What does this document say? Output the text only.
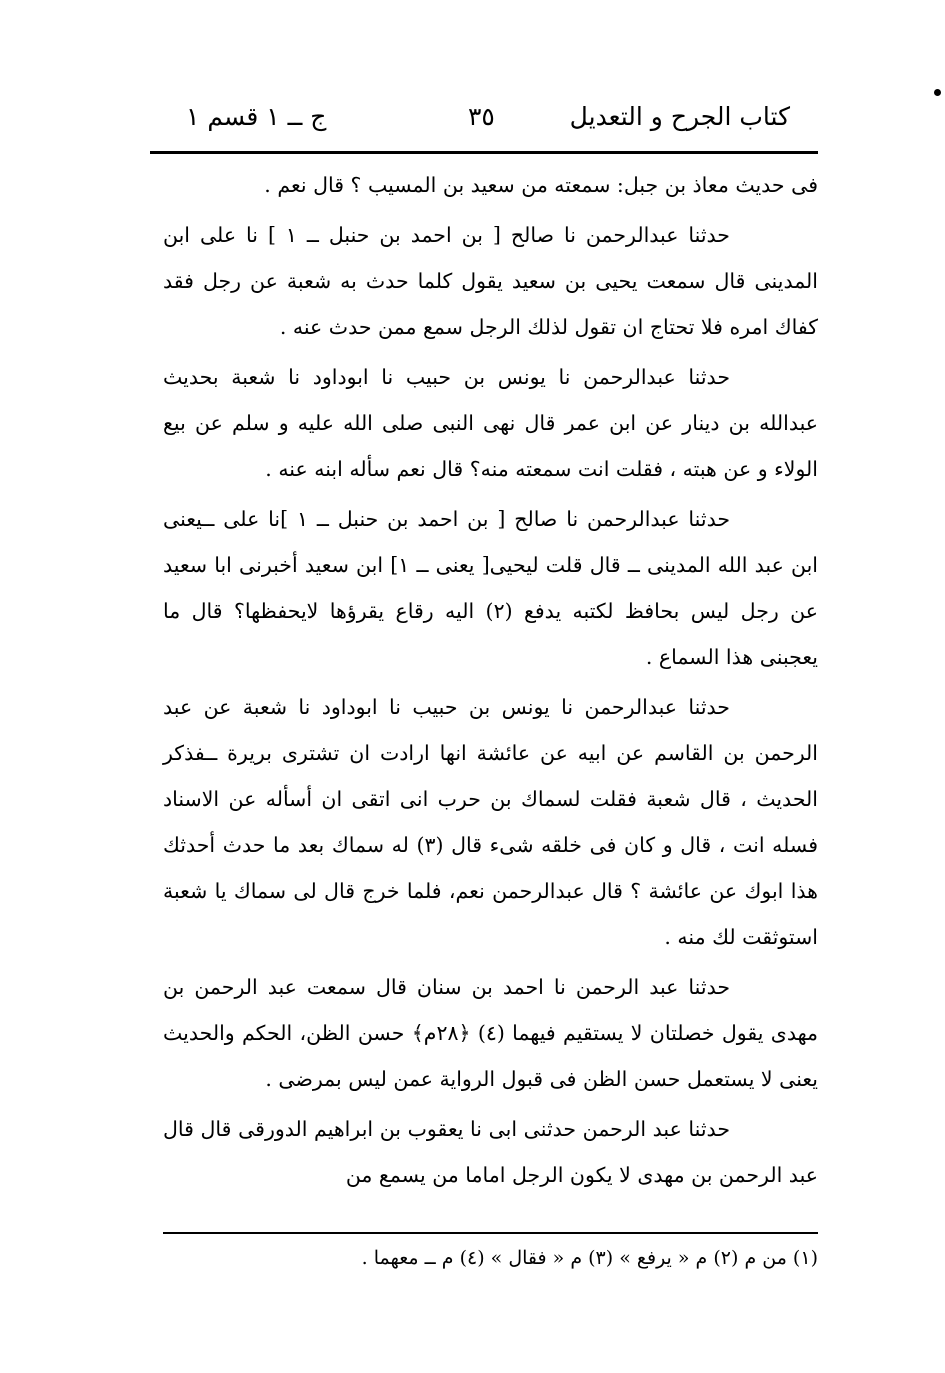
كتاب الجرح و التعديل
٣٥
ج ــ ١ قسم ١

فى حديث معاذ بن جبل: سمعته من سعيد بن المسيب ؟ قال نعم .

حدثنا عبدالرحمن نا صالح [ بن احمد بن حنبل ــ ١ ] نا على ابن المدينى قال سمعت يحيى بن سعيد يقول كلما حدث به شعبة عن رجل فقد كفاك امره فلا تحتاج ان تقول لذلك الرجل سمع ممن حدث عنه .

حدثنا عبدالرحمن نا يونس بن حبيب نا ابوداود نا شعبة بحديث عبدالله بن دينار عن ابن عمر قال نهى النبى صلى الله عليه و سلم عن بيع الولاء و عن هبته ، فقلت انت سمعته منه؟ قال نعم سأله ابنه عنه .

حدثنا عبدالرحمن نا صالح [ بن احمد بن حنبل ــ ١ ]نا على ــيعنى ابن عبد الله المدينى ــ قال قلت ليحيى[ يعنى ــ ١] ابن سعيد أخبرنى ابا سعيد عن رجل ليس بحافظ لكتبه يدفع (٢) اليه رقاع يقرؤها لايحفظها؟ قال ما يعجبنى هذا السماع .

حدثنا عبدالرحمن نا يونس بن حبيب نا ابوداود نا شعبة عن عبد الرحمن بن القاسم عن ابيه عن عائشة انها ارادت ان تشترى بريرة ــفذكر الحديث ، قال شعبة فقلت لسماك بن حرب انى اتقى ان أسأله عن الاسناد فسله انت ، قال و كان فى خلقه شىء قال (٣) له سماك بعد ما حدث أحدثك هذا ابوك عن عائشة ؟ قال عبدالرحمن نعم، فلما خرج قال لى سماك يا شعبة استوثقت لك منه .

حدثنا عبد الرحمن نا احمد بن سنان قال سمعت عبد الرحمن بن مهدى يقول خصلتان لا يستقيم فيهما (٤) ﴿٢٨م﴾ حسن الظن، الحكم والحديث يعنى لا يستعمل حسن الظن فى قبول الرواية عمن ليس بمرضى .

حدثنا عبد الرحمن حدثنى ابى نا يعقوب بن ابراهيم الدورقى قال قال عبد الرحمن بن مهدى لا يكون الرجل اماما من يسمع من

(١) من م (٢) م « يرفع » (٣) م « فقال » (٤) م ــ معهما .
